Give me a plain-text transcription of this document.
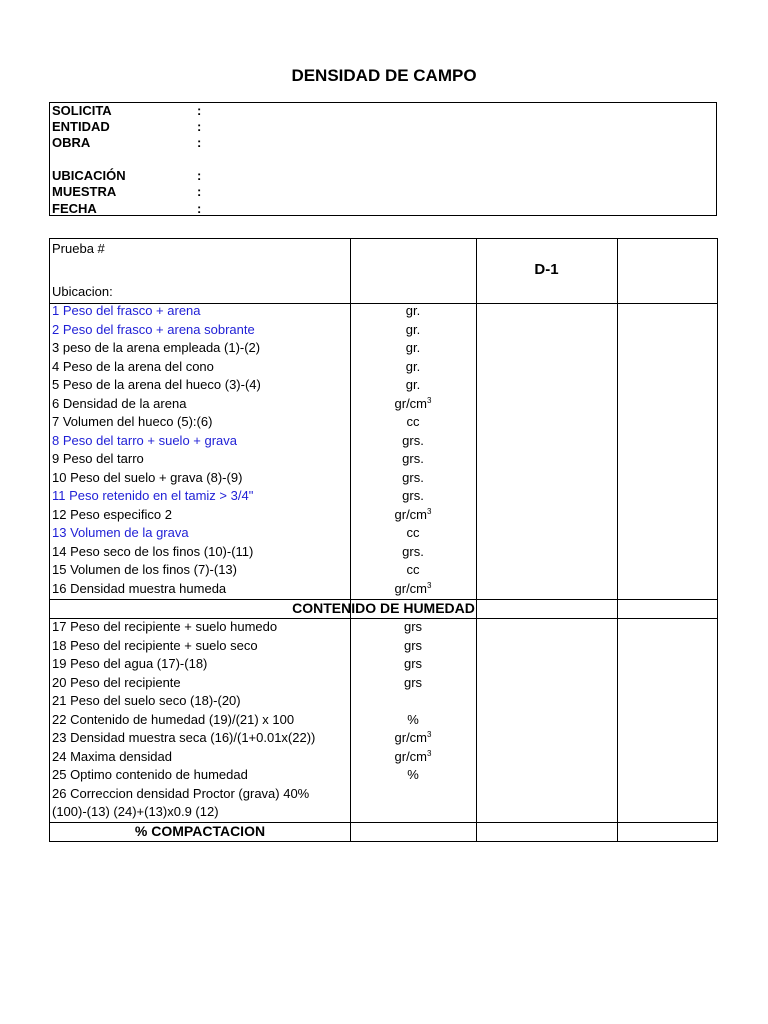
DENSIDAD DE CAMPO
SOLICITA	:
ENTIDAD	:
OBRA	:
UBICACIÓN	:
MUESTRA	:
FECHA	:
Prueba #
Ubicacion:
D-1
1 Peso del frasco + arena	gr.
2 Peso del frasco + arena sobrante	gr.
3 peso de la arena empleada (1)-(2)	gr.
4 Peso de la arena del cono	gr.
5 Peso de la arena del hueco (3)-(4)	gr.
6 Densidad de la arena	$gr/cm^3$
7 Volumen del hueco (5):(6)	cc
8 Peso del tarro + suelo + grava	grs.
9 Peso del tarro	grs.
10 Peso del suelo + grava (8)-(9)	grs.
11 Peso retenido en el tamiz > 3/4"	grs.
12 Peso especifico 2	$gr/cm^3$
13 Volumen de la grava	cc
14 Peso seco de los finos (10)-(11)	grs.
15 Volumen de los finos (7)-(13)	cc
16 Densidad muestra humeda	$gr/cm^3$
CONTENIDO DE HUMEDAD
17 Peso del recipiente + suelo humedo	grs
18 Peso del recipiente + suelo seco	grs
19 Peso del agua (17)-(18)	grs
20 Peso del recipiente	grs
21 Peso del suelo seco (18)-(20)
22 Contenido de humedad (19)/(21) x 100	%
23 Densidad muestra seca (16)/(1+0.01x(22))	$gr/cm^3$
24 Maxima densidad	$gr/cm^3$
25 Optimo contenido de humedad	%
26 Correccion densidad Proctor (grava) 40%
(100)-(13) (24)+(13)x0.9 (12)
% COMPACTACION
